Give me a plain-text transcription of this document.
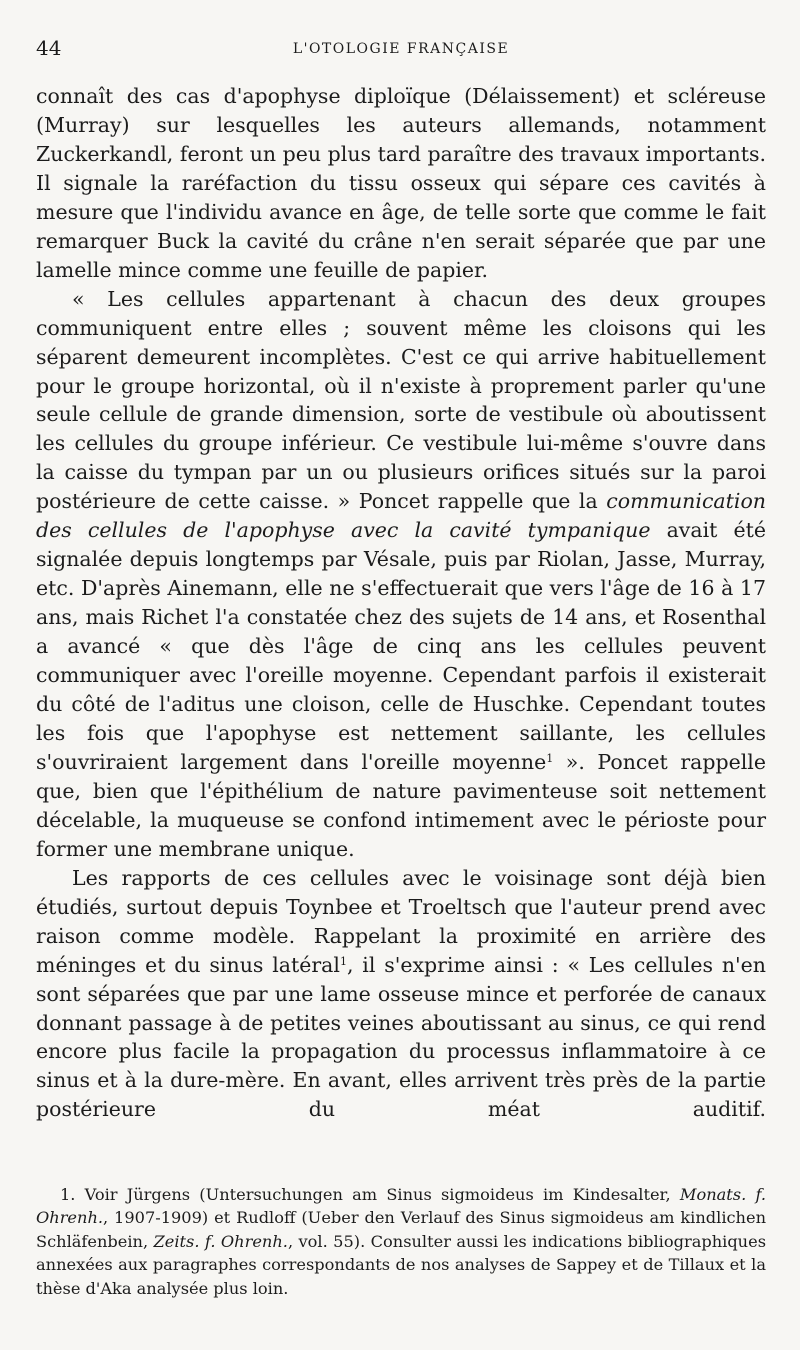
44	L'OTOLOGIE FRANÇAISE

connaît des cas d'apophyse diploïque (Délaissement) et scléreuse (Murray) sur lesquelles les auteurs allemands, notamment Zuckerkandl, feront un peu plus tard paraître des travaux importants. Il signale la raréfaction du tissu osseux qui sépare ces cavités à mesure que l'individu avance en âge, de telle sorte que comme le fait remarquer Buck la cavité du crâne n'en serait séparée que par une lamelle mince comme une feuille de papier.

« Les cellules appartenant à chacun des deux groupes communiquent entre elles ; souvent même les cloisons qui les séparent demeurent incomplètes. C'est ce qui arrive habituellement pour le groupe horizontal, où il n'existe à proprement parler qu'une seule cellule de grande dimension, sorte de vestibule où aboutissent les cellules du groupe inférieur. Ce vestibule lui-même s'ouvre dans la caisse du tympan par un ou plusieurs orifices situés sur la paroi postérieure de cette caisse. » Poncet rappelle que la communication des cellules de l'apophyse avec la cavité tympanique avait été signalée depuis longtemps par Vésale, puis par Riolan, Jasse, Murray, etc. D'après Ainemann, elle ne s'effectuerait que vers l'âge de 16 à 17 ans, mais Richet l'a constatée chez des sujets de 14 ans, et Rosenthal a avancé « que dès l'âge de cinq ans les cellules peuvent communiquer avec l'oreille moyenne. Cependant parfois il existerait du côté de l'aditus une cloison, celle de Huschke. Cependant toutes les fois que l'apophyse est nettement saillante, les cellules s'ouvriraient largement dans l'oreille moyenne$^1$ ». Poncet rappelle que, bien que l'épithélium de nature pavimenteuse soit nettement décelable, la muqueuse se confond intimement avec le périoste pour former une membrane unique.

Les rapports de ces cellules avec le voisinage sont déjà bien étudiés, surtout depuis Toynbee et Troeltsch que l'auteur prend avec raison comme modèle. Rappelant la proximité en arrière des méninges et du sinus latéral$^1$, il s'exprime ainsi : « Les cellules n'en sont séparées que par une lame osseuse mince et perforée de canaux donnant passage à de petites veines aboutissant au sinus, ce qui rend encore plus facile la propagation du processus inflammatoire à ce sinus et à la dure-mère. En avant, elles arrivent très près de la partie postérieure du méat auditif.

1. Voir Jürgens (Untersuchungen am Sinus sigmoideus im Kindesalter, Monats. f. Ohrenh., 1907-1909) et Rudloff (Ueber den Verlauf des Sinus sigmoideus am kindlichen Schläfenbein, Zeits. f. Ohrenh., vol. 55). Consulter aussi les indications bibliographiques annexées aux paragraphes correspondants de nos analyses de Sappey et de Tillaux et la thèse d'Aka analysée plus loin.
